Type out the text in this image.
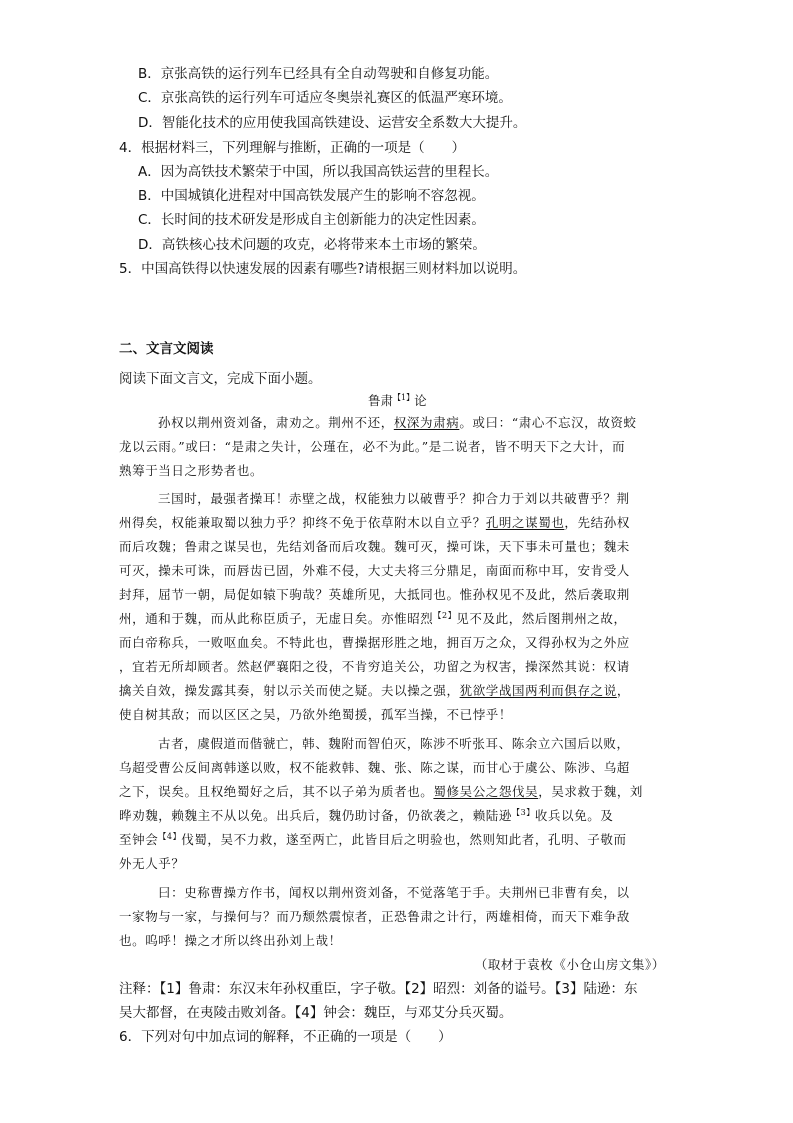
B．京张高铁的运行列车已经具有全自动驾驶和自修复功能。
C．京张高铁的运行列车可适应冬奥崇礼赛区的低温严寒环境。
D．智能化技术的应用使我国高铁建设、运营安全系数大大提升。
4．根据材料三，下列理解与推断，正确的一项是（　　）
A．因为高铁技术繁荣于中国，所以我国高铁运营的里程长。
B．中国城镇化进程对中国高铁发展产生的影响不容忽视。
C．长时间的技术研发是形成自主创新能力的决定性因素。
D．高铁核心技术问题的攻克，必将带来本土市场的繁荣。
5．中国高铁得以快速发展的因素有哪些?请根据三则材料加以说明。
二、文言文阅读
阅读下面文言文，完成下面小题。
鲁肃$^{【1】}$论
孙权以荆州资刘备，肃劝之。荆州不还，权深为肃病。或曰：“肃心不忘汉，故资蛟
龙以云雨。”或曰：“是肃之失计，公瑾在，必不为此。”是二说者，皆不明天下之大计，而
熟筹于当日之形势者也。
三国时，最强者操耳！赤壁之战，权能独力以破曹乎？抑合力于刘以共破曹乎？荆
州得矣，权能兼取蜀以独力乎？抑终不免于依草附木以自立乎？孔明之谋蜀也，先结孙权
而后攻魏；鲁肃之谋吴也，先结刘备而后攻魏。魏可灭，操可诛，天下事未可量也；魏未
可灭，操未可诛，而唇齿已固，外难不侵，大丈夫将三分鼎足，南面而称中耳，安肯受人
封拜，屈节一朝，局促如辕下驹哉？英雄所见，大抵同也。惟孙权见不及此，然后袭取荆
州，通和于魏，而从此称臣质子，无虚日矣。亦惟昭烈$^{【2】}$见不及此，然后图荆州之故，
而白帝称兵，一败呕血矣。不特此也，曹操据形胜之地，拥百万之众，又得孙权为之外应
，宜若无所却顾者。然赵俨襄阳之役，不肯穷追关公，功留之为权害，操深然其说：权请
擒关自效，操发露其奏，射以示关而使之疑。夫以操之强，犹欲学战国两利而俱存之说，
使自树其敌；而以区区之吴，乃欲外绝蜀援，孤军当操，不已悖乎！
古者，虞假道而偕虢亡，韩、魏附而智伯灭，陈涉不听张耳、陈余立六国后以败，
乌超受曹公反间离韩遂以败，权不能救韩、魏、张、陈之谋，而甘心于虞公、陈涉、乌超
之下，误矣。且权绝蜀好之后，其不以子弟为质者也。蜀修吴公之怨伐吴，吴求救于魏，刘
晔劝魏，赖魏主不从以免。出兵后，魏仍助讨备，仍欲袭之，赖陆逊$^{【3】}$收兵以免。及
至钟会$^{【4】}$伐蜀，吴不力救，遂至两亡，此皆目后之明验也，然则知此者，孔明、子敬而
外无人乎？
曰：史称曹操方作书，闻权以荆州资刘备，不觉落笔于手。夫荆州已非曹有矣，以
一家物与一家，与操何与？而乃颓然震惊者，正恐鲁肃之计行，两雄相倚，而天下难争敌
也。呜呼！操之才所以终出孙刘上哉！
（取材于袁枚《小仓山房文集》）
注释：【1】鲁肃：东汉末年孙权重臣，字子敬。【2】昭烈：刘备的谥号。【3】陆逊：东
吴大都督，在夷陵击败刘备。【4】钟会：魏臣，与邓艾分兵灭蜀。
6．下列对句中加点词的解释，不正确的一项是（　　）
